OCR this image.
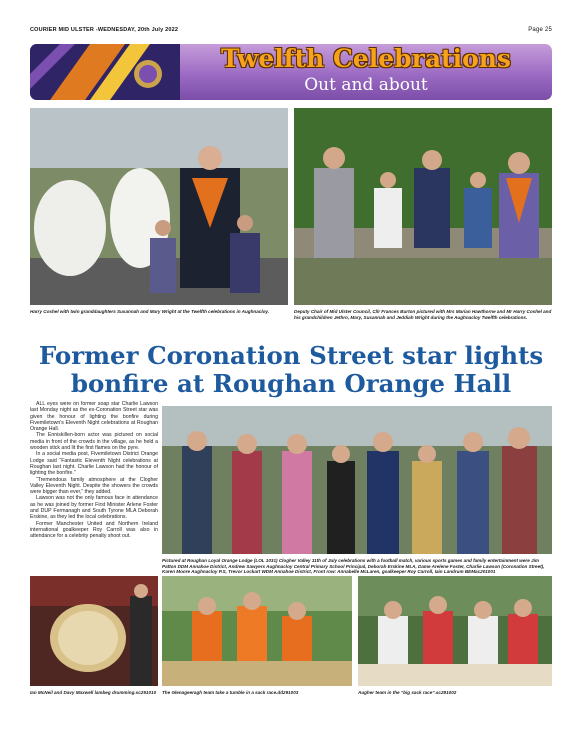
COURIER MID ULSTER -WEDNESDAY, 20th July 2022	Page 25
Twelfth Celebrations
Out and about
Harry Coshel with twin granddaughters Susannah and Mary Wright at the Twelfth celebrations in Aughnacloy.	Deputy Chair of Mid Ulster Council, Cllr Frances Burton pictured with Mrs Marian Hawthorne and Mr Harry Coshel and his grandchildren Jethro, Mary, Susannah and Jeddiah Wright during the Aughnacloy Twelfth celebrations.
Former Coronation Street star lights
bonfire at Roughan Orange Hall

ALL eyes were on former soap star Charlie Lawson last Monday night as the ex-Coronation Street star was given the honour of lighting the bonfire during Fivemiletown's Eleventh Night celebrations at Roughan Orange Hall.

The Enniskillen-born actor was pictured on social media in front of the crowds in the village, as he held a wooden stick and lit the first flames on the pyre.

In a social media post, Fivemiletown District Orange Lodge said “Fantastic Eleventh Night celebrations at Roughan last night. Charlie Lawson had the honour of lighting the bonfire.”

“Tremendous family atmosphere at the Clogher Valley Eleventh Night. Despite the showers the crowds were bigger than ever,” they added.

Lawson was not the only famous face in attendance as he was joined by former First Minister Arlene Foster and DUP Fermanagh and South Tyrone MLA Deborah Erskine, as they led the local celebrations.

Former Manchester United and Northern Ireland international goalkeeper Roy Carroll was also in attendance for a celebrity penalty shoot out.

Pictured at Roughan Loyal Orange Lodge (LOL 1031) Clogher Valley 11th of July celebrations with a football match, various sports games and family entertainment were Jim Patton DDM Annahoe District, Andrew Sawyers Aughnacloy Central Primary School Principal, Deborah Erskine MLA, Dame Arelene Foster, Charlie Lawson (Coronation Street), Karen Moore Aughnacloy P.S, Trevor Lockart WDM Annahoe District, Front row: Annabelle McLaren, goalkeeper Roy Carroll, Iain Landrum BEMac201001
Ian McNeil and Davy Maxwell lambeg drumming.sc291010	The Glenageeragh team take a tumble in a sack race.dd291003	Augher team in the “big sack race”.sc291002
